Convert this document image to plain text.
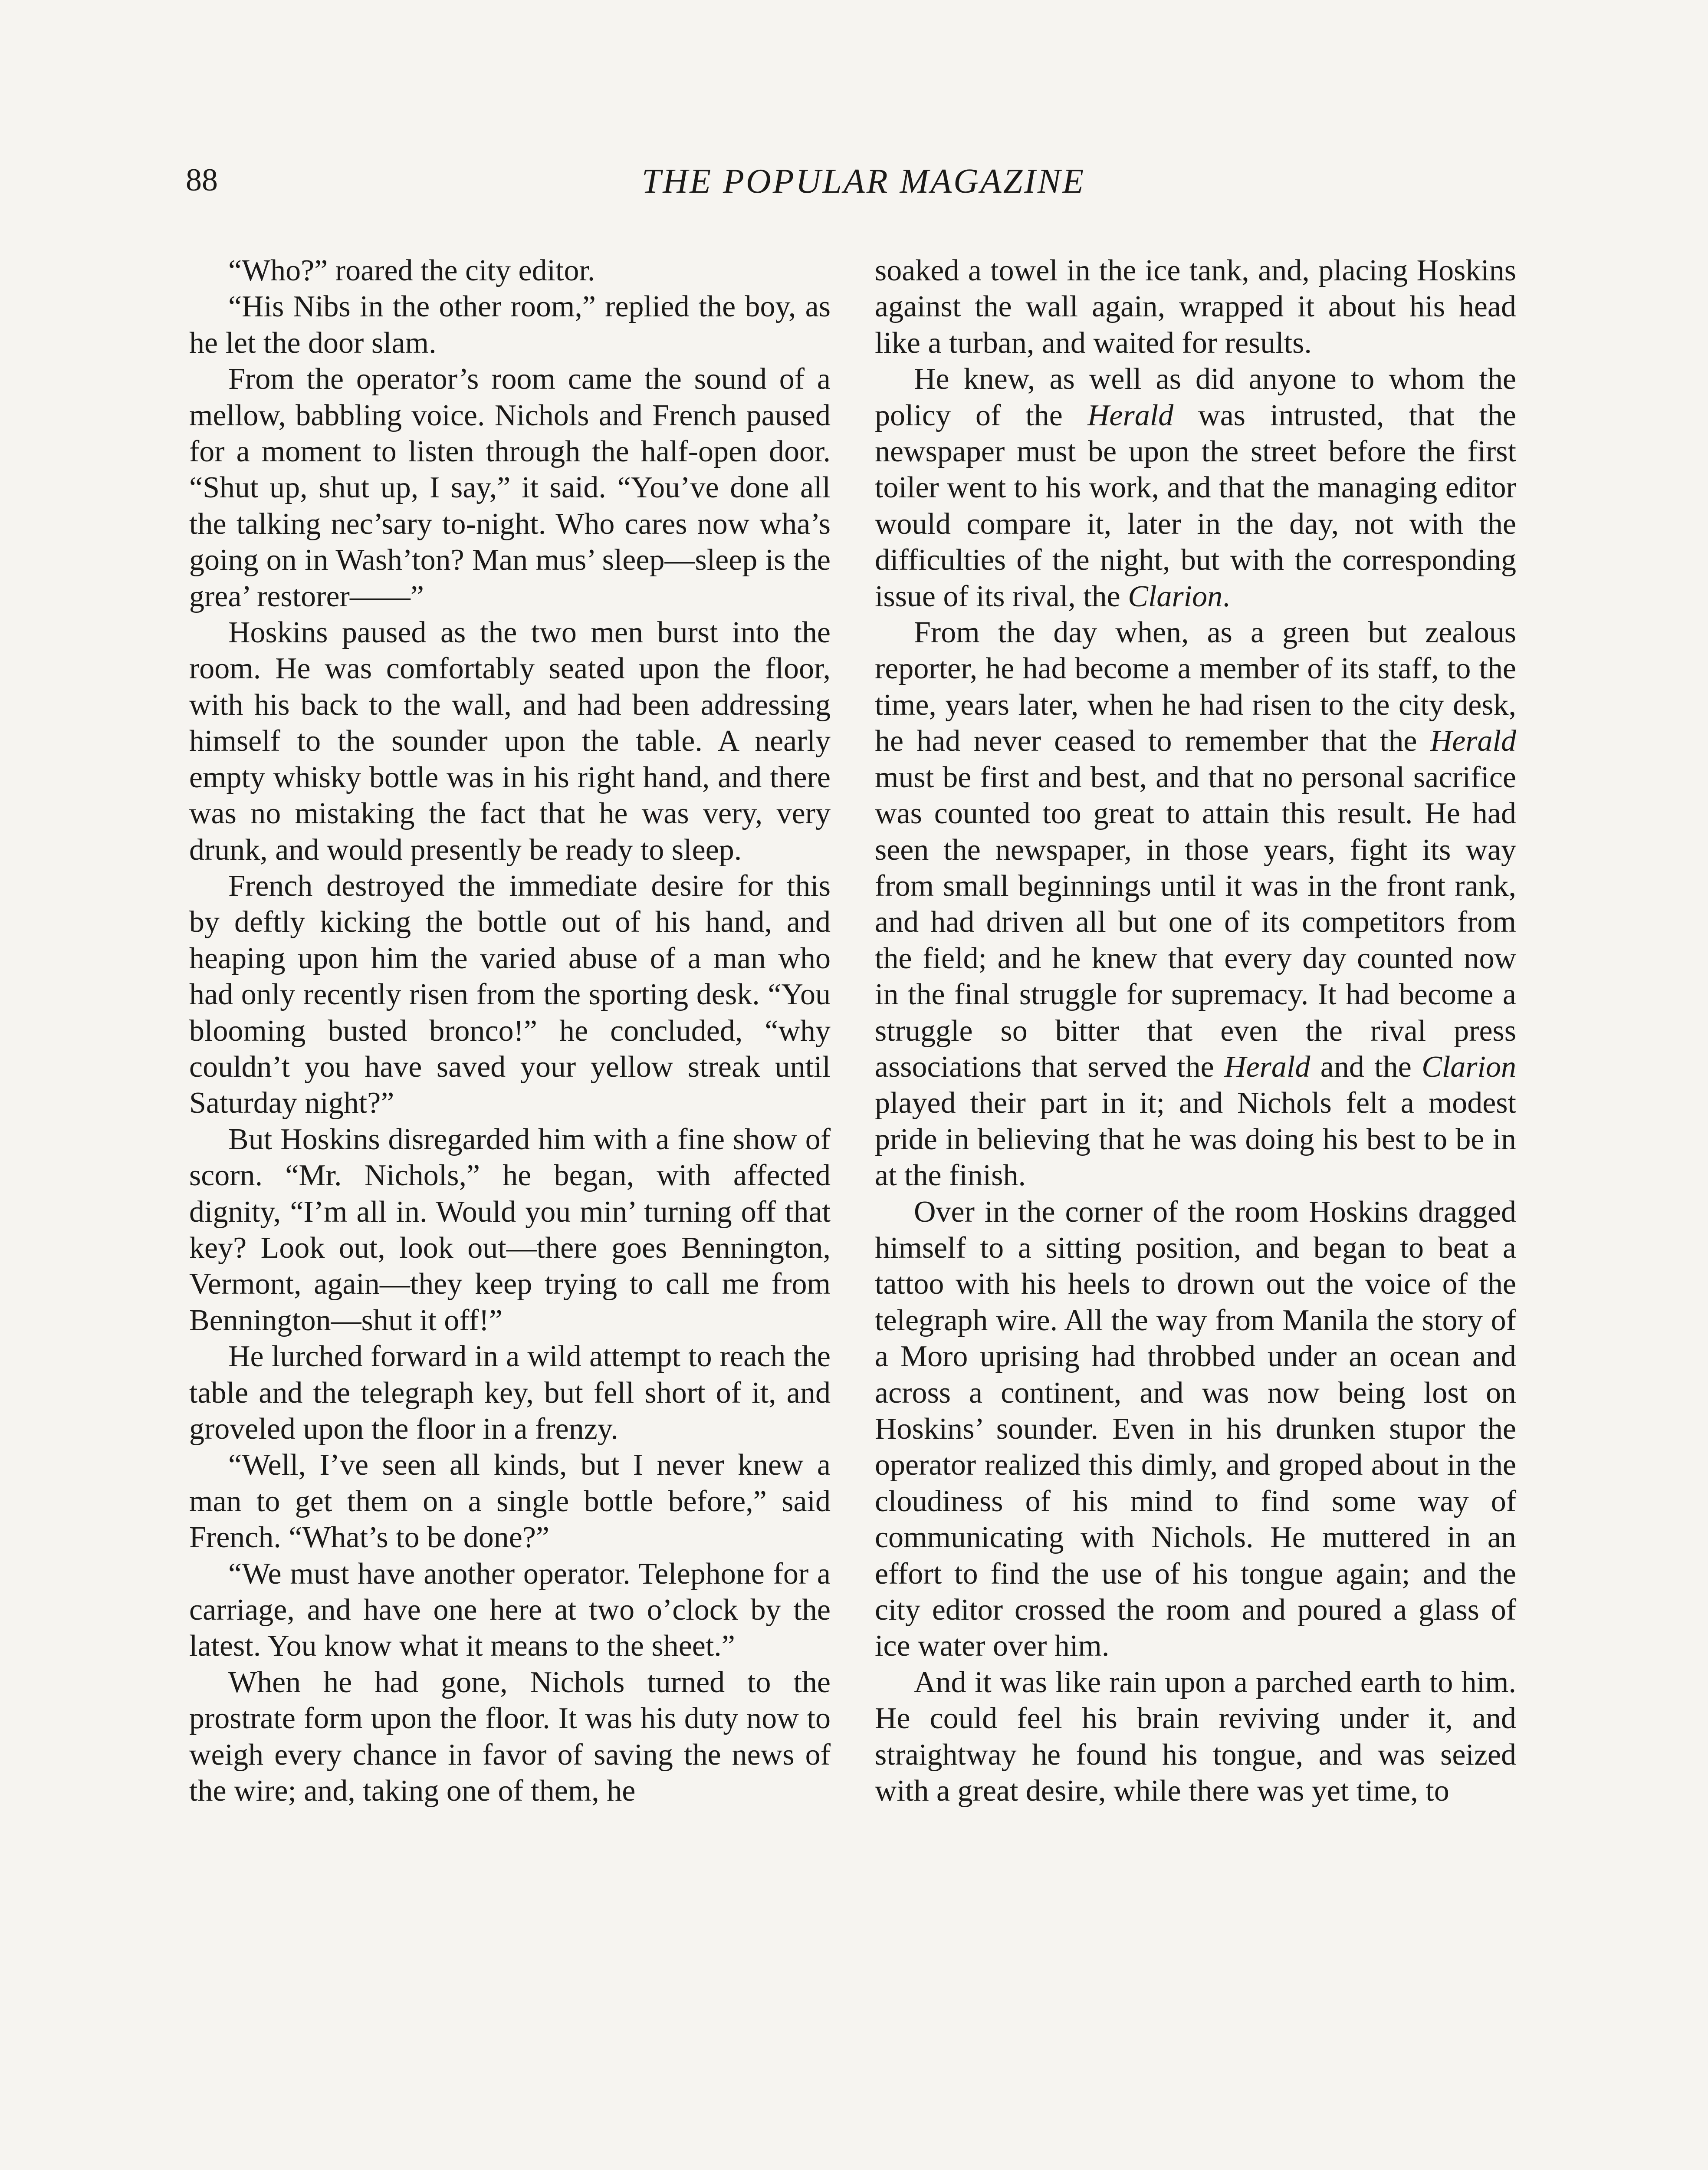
88	THE POPULAR MAGAZINE

“Who?” roared the city editor.

“His Nibs in the other room,” replied the boy, as he let the door slam.

From the operator’s room came the sound of a mellow, babbling voice. Nichols and French paused for a moment to listen through the half-open door. “Shut up, shut up, I say,” it said. “You’ve done all the talking nec’sary to-night. Who cares now wha’s going on in Wash’ton? Man mus’ sleep—sleep is the grea’ restorer——”

Hoskins paused as the two men burst into the room. He was comfortably seated upon the floor, with his back to the wall, and had been addressing himself to the sounder upon the table. A nearly empty whisky bottle was in his right hand, and there was no mistaking the fact that he was very, very drunk, and would presently be ready to sleep.

French destroyed the immediate desire for this by deftly kicking the bottle out of his hand, and heaping upon him the varied abuse of a man who had only recently risen from the sporting desk. “You blooming busted bronco!” he concluded, “why couldn’t you have saved your yellow streak until Saturday night?”

But Hoskins disregarded him with a fine show of scorn. “Mr. Nichols,” he began, with affected dignity, “I’m all in. Would you min’ turning off that key? Look out, look out—there goes Bennington, Vermont, again—they keep trying to call me from Bennington—shut it off!”

He lurched forward in a wild attempt to reach the table and the telegraph key, but fell short of it, and groveled upon the floor in a frenzy.

“Well, I’ve seen all kinds, but I never knew a man to get them on a single bottle before,” said French. “What’s to be done?”

“We must have another operator. Telephone for a carriage, and have one here at two o’clock by the latest. You know what it means to the sheet.”

When he had gone, Nichols turned to the prostrate form upon the floor. It was his duty now to weigh every chance in favor of saving the news of the wire; and, taking one of them, he

soaked a towel in the ice tank, and, placing Hoskins against the wall again, wrapped it about his head like a turban, and waited for results.

He knew, as well as did anyone to whom the policy of the Herald was intrusted, that the newspaper must be upon the street before the first toiler went to his work, and that the managing editor would compare it, later in the day, not with the difficulties of the night, but with the corresponding issue of its rival, the Clarion.

From the day when, as a green but zealous reporter, he had become a member of its staff, to the time, years later, when he had risen to the city desk, he had never ceased to remember that the Herald must be first and best, and that no personal sacrifice was counted too great to attain this result. He had seen the newspaper, in those years, fight its way from small beginnings until it was in the front rank, and had driven all but one of its competitors from the field; and he knew that every day counted now in the final struggle for supremacy. It had become a struggle so bitter that even the rival press associations that served the Herald and the Clarion played their part in it; and Nichols felt a modest pride in believing that he was doing his best to be in at the finish.

Over in the corner of the room Hoskins dragged himself to a sitting position, and began to beat a tattoo with his heels to drown out the voice of the telegraph wire. All the way from Manila the story of a Moro uprising had throbbed under an ocean and across a continent, and was now being lost on Hoskins’ sounder. Even in his drunken stupor the operator realized this dimly, and groped about in the cloudiness of his mind to find some way of communicating with Nichols. He muttered in an effort to find the use of his tongue again; and the city editor crossed the room and poured a glass of ice water over him.

And it was like rain upon a parched earth to him. He could feel his brain reviving under it, and straightway he found his tongue, and was seized with a great desire, while there was yet time, to
